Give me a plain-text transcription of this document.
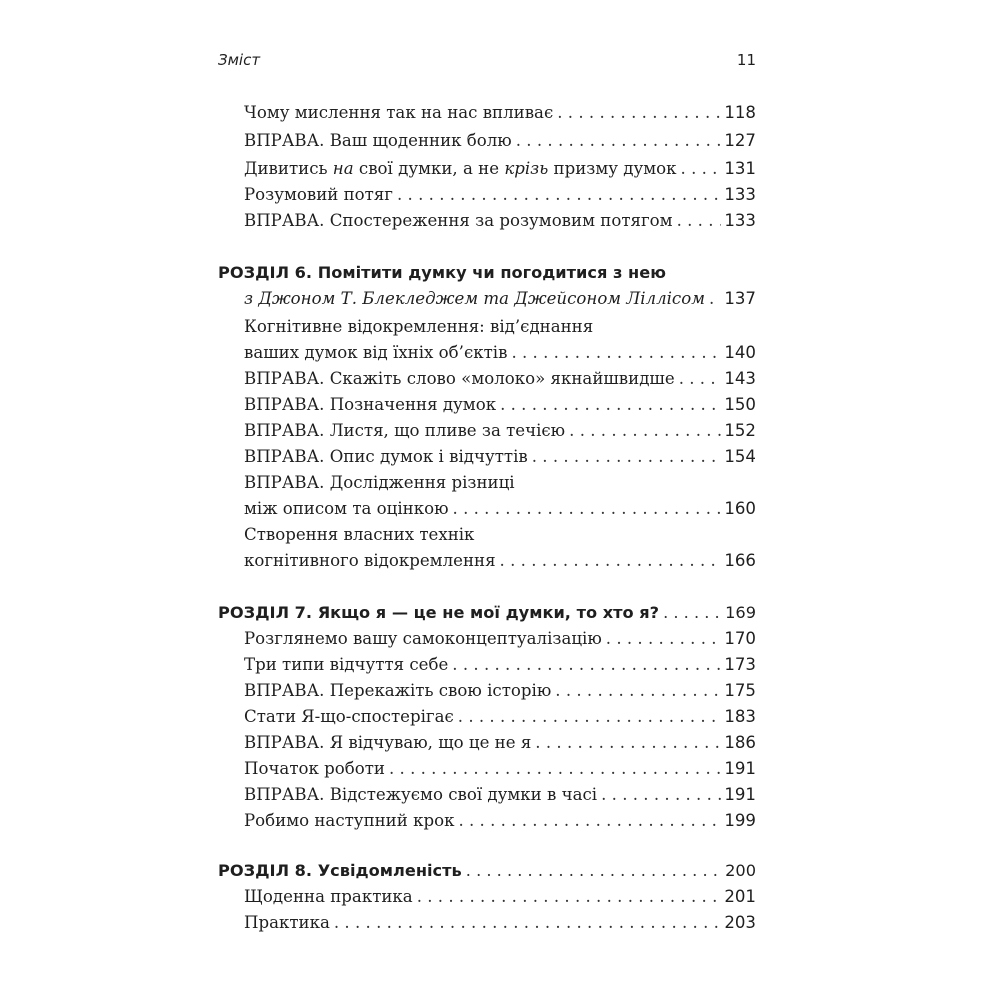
Зміст	11
Чому мислення так на нас впливає . . .	118
ВПРАВА. Ваш щоденник болю . . .	127
Дивитись на свої думки, а не крізь призму думок . . .	131
Розумовий потяг . . .	133
ВПРАВА. Спостереження за розумовим потягом . . .	133
РОЗДІЛ 6. Помітити думку чи погодитися з нею
з Джоном Т. Блекледжем та Джейсоном Ліллісом . . . 137
Когнітивне відокремлення: від’єднання
ваших думок від їхніх об’єктів . . .	140
ВПРАВА. Скажіть слово «молоко» якнайшвидше . . .	143
ВПРАВА. Позначення думок . . .	150
ВПРАВА. Листя, що пливе за течією . . .	152
ВПРАВА. Опис думок і відчуттів . . .	154
ВПРАВА. Дослідження різниці
між описом та оцінкою . . .	160
Створення власних технік
когнітивного відокремлення . . .	166
РОЗДІЛ 7. Якщо я — це не мої думки, то хто я? . . .	169
Розглянемо вашу самоконцептуалізацію . . .	170
Три типи відчуття себе . . .	173
ВПРАВА. Перекажіть свою історію . . .	175
Стати Я-що-спостерігає . . .	183
ВПРАВА. Я відчуваю, що це не я . . .	186
Початок роботи . . .	191
ВПРАВА. Відстежуємо свої думки в часі . . .	191
Робимо наступний крок . . .	199
РОЗДІЛ 8. Усвідомленість . . .	200
Щоденна практика . . .	201
Практика . . .	203
